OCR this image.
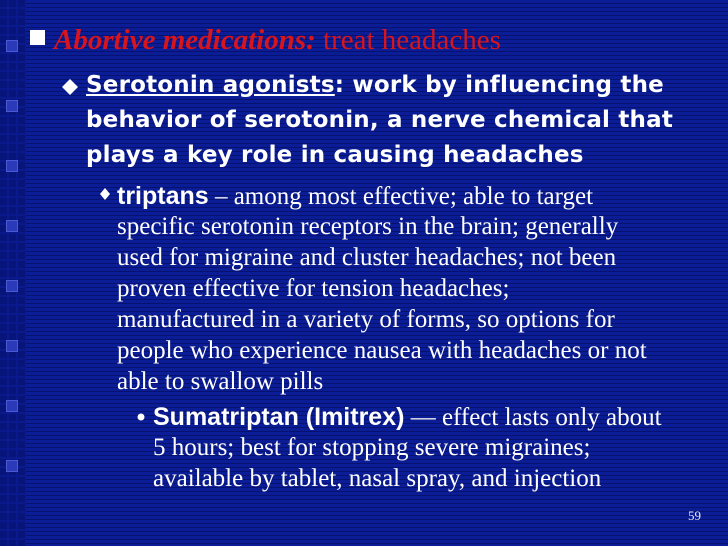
Abortive medications: treat headaches
Serotonin agonists: work by influencing the
behavior of serotonin, a nerve chemical that
plays a key role in causing headaches
triptans – among most effective; able to target
specific serotonin receptors in the brain; generally
used for migraine and cluster headaches; not been
proven effective for tension headaches;
manufactured in a variety of forms, so options for
people who experience nausea with headaches or not
able to swallow pills
Sumatriptan (Imitrex) — effect lasts only about
5 hours; best for stopping severe migraines;
available by tablet, nasal spray, and injection
59
